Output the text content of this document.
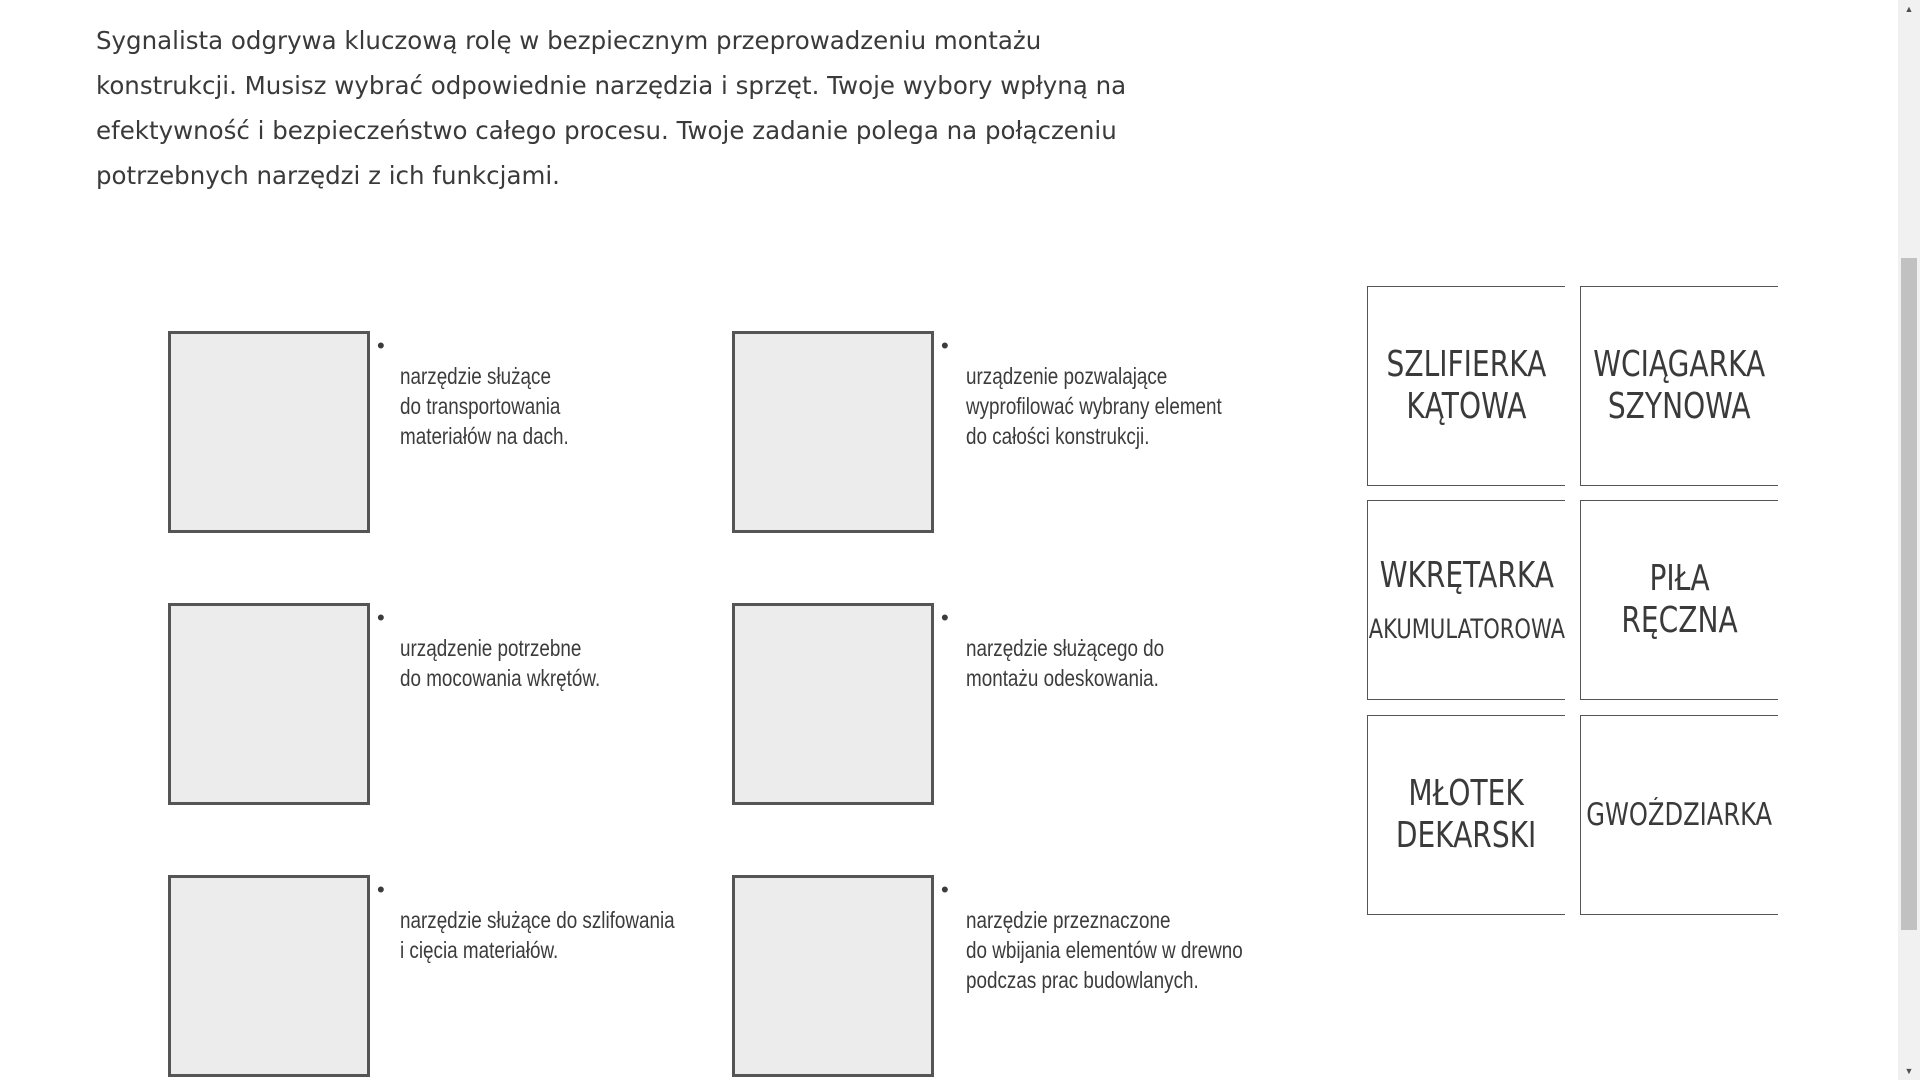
Sygnalista odgrywa kluczową rolę w bezpiecznym przeprowadzeniu montażu
konstrukcji. Musisz wybrać odpowiednie narzędzia i sprzęt. Twoje wybory wpłyną na
efektywność i bezpieczeństwo całego procesu. Twoje zadanie polega na połączeniu
potrzebnych narzędzi z ich funkcjami.
•

narzędzie służące
do transportowania
materiałów na dach.

•

urządzenie pozwalające
wyprofilować wybrany element
do całości konstrukcji.

•

urządzenie potrzebne
do mocowania wkrętów.

•

narzędzie służącego do
montażu odeskowania.

•

narzędzie służące do szlifowania
i cięcia materiałów.

•

narzędzie przeznaczone
do wbijania elementów w drewno
podczas prac budowlanych.

SZLIFIERKA
KĄTOWA
WCIĄGARKA
SZYNOWA

WKRĘTARKA

AKUMULATOROWA

PIŁA
RĘCZNA
MŁOTEK
DEKARSKI GWOŹDZIARKA
▲
▼
